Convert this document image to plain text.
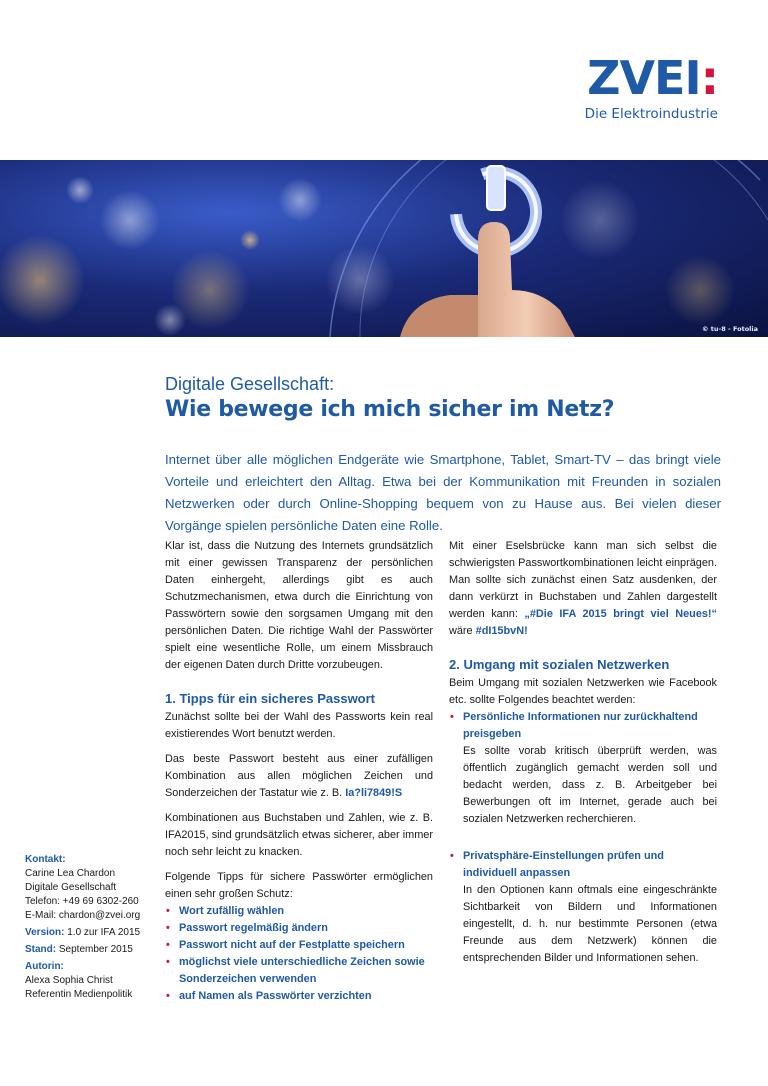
ZVEI:
Die Elektroindustrie
© tu-8 - Fotolia
Digitale Gesellschaft:
Wie bewege ich mich sicher im Netz?
Internet über alle möglichen Endgeräte wie Smartphone, Tablet, Smart-TV – das bringt viele Vorteile und erleichtert den Alltag. Etwa bei der Kommunikation mit Freunden in sozialen Netzwerken oder durch Online-Shopping bequem von zu Hause aus. Bei vielen dieser Vorgänge spielen persönliche Daten eine Rolle.

Klar ist, dass die Nutzung des Internets grundsätzlich mit einer gewissen Transparenz der persönlichen Daten einhergeht, allerdings gibt es auch Schutzmechanismen, etwa durch die Einrichtung von Passwörtern sowie den sorgsamen Umgang mit den persönlichen Daten. Die richtige Wahl der Passwörter spielt eine wesentliche Rolle, um einem Missbrauch der eigenen Daten durch Dritte vorzubeugen.

1. Tipps für ein sicheres Passwort

Zunächst sollte bei der Wahl des Passworts kein real existierendes Wort benutzt werden.

Das beste Passwort besteht aus einer zufälligen Kombination aus allen möglichen Zeichen und Sonderzeichen der Tastatur wie z. B. Ia?li7849!S

Kombinationen aus Buchstaben und Zahlen, wie z. B. IFA2015, sind grundsätzlich etwas sicherer, aber immer noch sehr leicht zu knacken.

Folgende Tipps für sichere Passwörter ermöglichen einen sehr großen Schutz:

• Wort zufällig wählen
• Passwort regelmäßig ändern
• Passwort nicht auf der Festplatte speichern
• möglichst viele unterschiedliche Zeichen sowie Sonderzeichen verwenden
• auf Namen als Passwörter verzichten

Mit einer Eselsbrücke kann man sich selbst die schwierigsten Passwortkombinationen leicht einprägen. Man sollte sich zunächst einen Satz ausdenken, der dann verkürzt in Buchstaben und Zahlen dargestellt werden kann: „#Die IFA 2015 bringt viel Neues!“ wäre #dI15bvN!

2. Umgang mit sozialen Netzwerken

Beim Umgang mit sozialen Netzwerken wie Facebook etc. sollte Folgendes beachtet werden:

• Persönliche Informationen nur zurückhaltend preisgeben

Es sollte vorab kritisch überprüft werden, was öffentlich zugänglich gemacht werden soll und bedacht werden, dass z. B. Arbeitgeber bei Bewerbungen oft im Internet, gerade auch bei sozialen Netzwerken recherchieren.

• Privatsphäre-Einstellungen prüfen und individuell anpassen

In den Optionen kann oftmals eine eingeschränkte Sichtbarkeit von Bildern und Informationen eingestellt, d. h. nur bestimmte Personen (etwa Freunde aus dem Netzwerk) können die entsprechenden Bilder und Informationen sehen.

Kontakt:
Carine Lea Chardon
Digitale Gesellschaft
Telefon: +49 69 6302-260
E-Mail: chardon@zvei.org
Version: 1.0 zur IFA 2015
Stand: September 2015
Autorin:
Alexa Sophia Christ
Referentin Medienpolitik
